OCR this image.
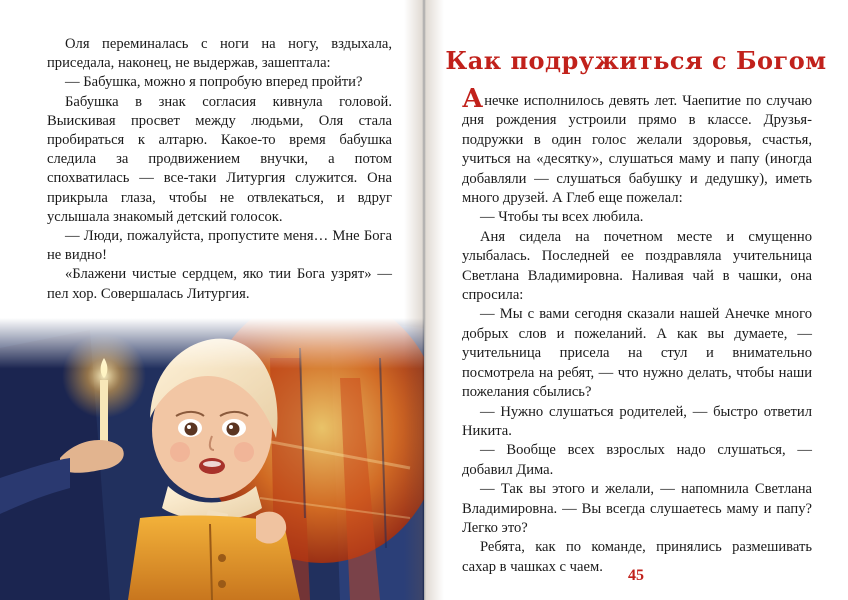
Оля переминалась с ноги на ногу, вздыхала, приседала, наконец, не выдержав, зашептала:

— Бабушка, можно я попробую вперед пройти?

Бабушка в знак согласия кивнула головой. Выискивая просвет между людьми, Оля стала пробираться к алтарю. Какое-то время бабушка следила за продвижением внучки, а потом спохватилась — все-таки Литургия служится. Она прикрыла глаза, чтобы не отвлекаться, и вдруг услышала знакомый детский голосок.

— Люди, пожалуйста, пропустите меня… Мне Бога не видно!

«Блажени чистые сердцем, яко тии Бога узрят» — пел хор. Совершалась Литургия.

Как подружиться с Богом

Анечке исполнилось девять лет. Чаепитие по случаю дня рождения устроили прямо в классе. Друзья-подружки в один голос желали здоровья, счастья, учиться на «десятку», слушаться маму и папу (иногда добавляли — слушаться бабушку и дедушку), иметь много друзей. А Глеб еще пожелал:

— Чтобы ты всех любила.

Аня сидела на почетном месте и смущенно улыбалась. Последней ее поздравляла учительница Светлана Владимировна. Наливая чай в чашки, она спросила:

— Мы с вами сегодня сказали нашей Анечке много добрых слов и пожеланий. А как вы думаете, — учительница присела на стул и внимательно посмотрела на ребят, — что нужно делать, чтобы наши пожелания сбылись?

— Нужно слушаться родителей, — быстро ответил Никита.

— Вообще всех взрослых надо слушаться, — добавил Дима.

— Так вы этого и желали, — напомнила Светлана Владимировна. — Вы всегда слушаетесь маму и папу? Легко это?

Ребята, как по команде, принялись размешивать сахар в чашках с чаем.

45
